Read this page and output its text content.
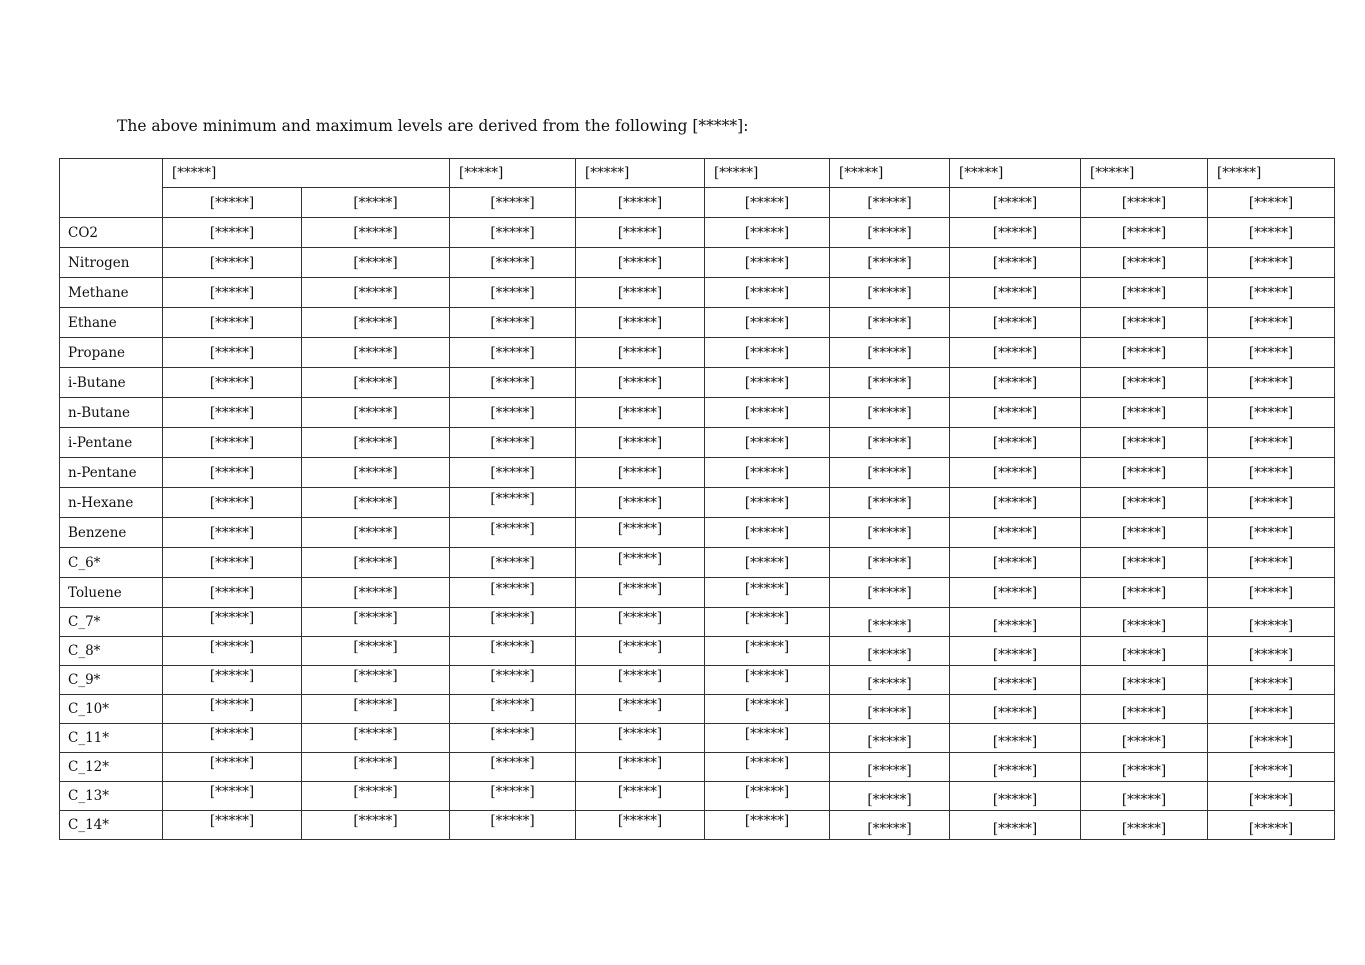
The above minimum and maximum levels are derived from the following [*****]:
	[*****]		[*****]	[*****]	[*****]	[*****]	[*****]	[*****]	[*****]
	[*****]	[*****]	[*****]	[*****]	[*****]	[*****]	[*****]	[*****]	[*****]
CO2	[*****]	[*****]	[*****]	[*****]	[*****]	[*****]	[*****]	[*****]	[*****]
Nitrogen	[*****]	[*****]	[*****]	[*****]	[*****]	[*****]	[*****]	[*****]	[*****]
Methane	[*****]	[*****]	[*****]	[*****]	[*****]	[*****]	[*****]	[*****]	[*****]
Ethane	[*****]	[*****]	[*****]	[*****]	[*****]	[*****]	[*****]	[*****]	[*****]
Propane	[*****]	[*****]	[*****]	[*****]	[*****]	[*****]	[*****]	[*****]	[*****]
i-Butane	[*****]	[*****]	[*****]	[*****]	[*****]	[*****]	[*****]	[*****]	[*****]
n-Butane	[*****]	[*****]	[*****]	[*****]	[*****]	[*****]	[*****]	[*****]	[*****]
i-Pentane	[*****]	[*****]	[*****]	[*****]	[*****]	[*****]	[*****]	[*****]	[*****]
n-Pentane	[*****]	[*****]	[*****]	[*****]	[*****]	[*****]	[*****]	[*****]	[*****]
n-Hexane	[*****]	[*****]	[*****]	[*****]	[*****]	[*****]	[*****]	[*****]	[*****]
Benzene	[*****]	[*****]	[*****]	[*****]	[*****]	[*****]	[*****]	[*****]	[*****]
C_6*	[*****]	[*****]	[*****]	[*****]	[*****]	[*****]	[*****]	[*****]	[*****]
Toluene	[*****]	[*****]	[*****]	[*****]	[*****]	[*****]	[*****]	[*****]	[*****]
C_7*	[*****]	[*****]	[*****]	[*****]	[*****]	[*****]	[*****]	[*****]	[*****]
C_8*	[*****]	[*****]	[*****]	[*****]	[*****]	[*****]	[*****]	[*****]	[*****]
C_9*	[*****]	[*****]	[*****]	[*****]	[*****]	[*****]	[*****]	[*****]	[*****]
C_10*	[*****]	[*****]	[*****]	[*****]	[*****]	[*****]	[*****]	[*****]	[*****]
C_11*	[*****]	[*****]	[*****]	[*****]	[*****]	[*****]	[*****]	[*****]	[*****]
C_12*	[*****]	[*****]	[*****]	[*****]	[*****]	[*****]	[*****]	[*****]	[*****]
C_13*	[*****]	[*****]	[*****]	[*****]	[*****]	[*****]	[*****]	[*****]	[*****]
C_14*	[*****]	[*****]	[*****]	[*****]	[*****]	[*****]	[*****]	[*****]	[*****]
